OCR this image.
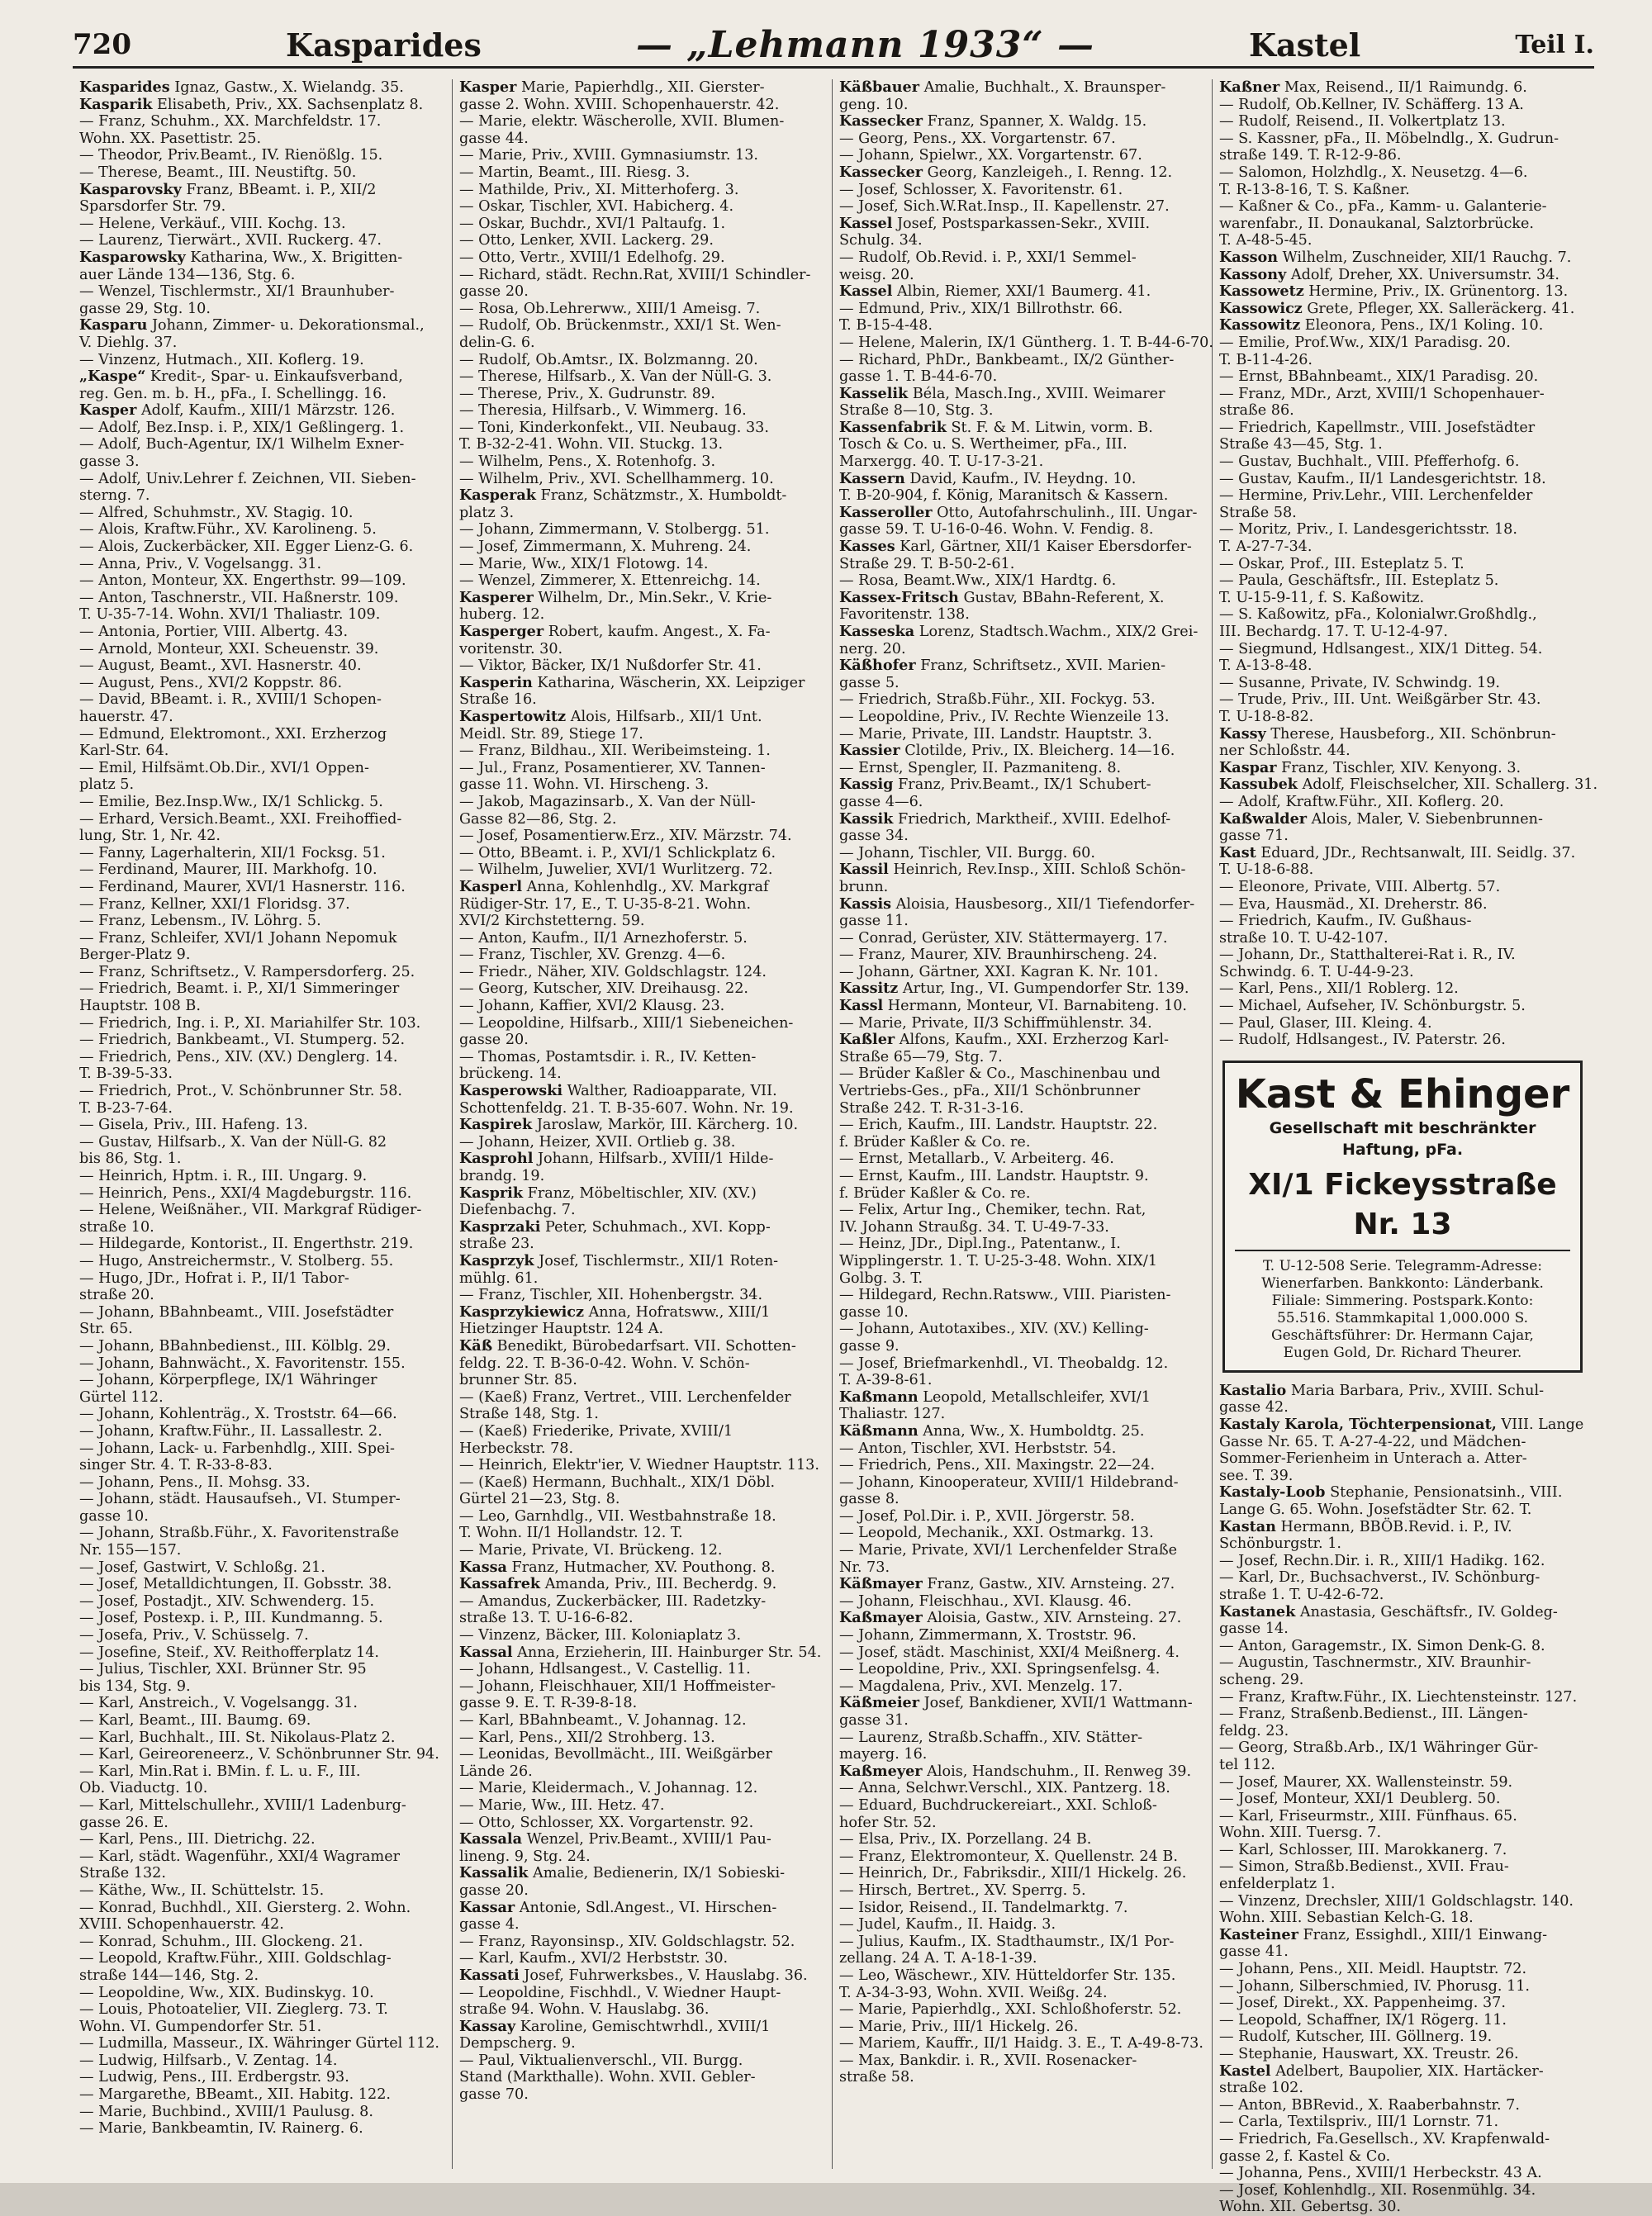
720	Kasparides	— „Lehmann 1933“ —	Kastel	Teil I.
Kasparides Ignaz, Gastw., X. Wielandg. 35.
Kasparik Elisabeth, Priv., XX. Sachsenplatz 8.
— Franz, Schuhm., XX. Marchfeldstr. 17.
Wohn. XX. Pasettistr. 25.
— Theodor, Priv.Beamt., IV. Rienößlg. 15.
— Therese, Beamt., III. Neustiftg. 50.
Kasparovsky Franz, BBeamt. i. P., XII/2
Sparsdorfer Str. 79.
— Helene, Verkäuf., VIII. Kochg. 13.
— Laurenz, Tierwärt., XVII. Ruckerg. 47.
Kasparowsky Katharina, Ww., X. Brigitten-
auer Lände 134—136, Stg. 6.
— Wenzel, Tischlermstr., XI/1 Braunhuber-
gasse 29, Stg. 10.
Kasparu Johann, Zimmer- u. Dekorationsmal.,
V. Diehlg. 37.
— Vinzenz, Hutmach., XII. Koflerg. 19.
„Kaspe“ Kredit-, Spar- u. Einkaufsverband,
reg. Gen. m. b. H., pFa., I. Schellingg. 16.
Kasper Adolf, Kaufm., XIII/1 Märzstr. 126.
— Adolf, Bez.Insp. i. P., XIX/1 Geßlingerg. 1.
— Adolf, Buch-Agentur, IX/1 Wilhelm Exner-
gasse 3.
— Adolf, Univ.Lehrer f. Zeichnen, VII. Sieben-
sterng. 7.
— Alfred, Schuhmstr., XV. Stagig. 10.
— Alois, Kraftw.Führ., XV. Karolineng. 5.
— Alois, Zuckerbäcker, XII. Egger Lienz-G. 6.
— Anna, Priv., V. Vogelsangg. 31.
— Anton, Monteur, XX. Engerthstr. 99—109.
— Anton, Taschnerstr., VII. Haßnerstr. 109.
T. U-35-7-14. Wohn. XVI/1 Thaliastr. 109.
— Antonia, Portier, VIII. Albertg. 43.
— Arnold, Monteur, XXI. Scheuenstr. 39.
— August, Beamt., XVI. Hasnerstr. 40.
— August, Pens., XVI/2 Koppstr. 86.
— David, BBeamt. i. R., XVIII/1 Schopen-
hauerstr. 47.
— Edmund, Elektromont., XXI. Erzherzog
Karl-Str. 64.
— Emil, Hilfsämt.Ob.Dir., XVI/1 Oppen-
platz 5.
— Emilie, Bez.Insp.Ww., IX/1 Schlickg. 5.
— Erhard, Versich.Beamt., XXI. Freihoffied-
lung, Str. 1, Nr. 42.
— Fanny, Lagerhalterin, XII/1 Focksg. 51.
— Ferdinand, Maurer, III. Markhofg. 10.
— Ferdinand, Maurer, XVI/1 Hasnerstr. 116.
— Franz, Kellner, XXI/1 Floridsg. 37.
— Franz, Lebensm., IV. Löhrg. 5.
— Franz, Schleifer, XVI/1 Johann Nepomuk
Berger-Platz 9.
— Franz, Schriftsetz., V. Rampersdorferg. 25.
— Friedrich, Beamt. i. P., XI/1 Simmeringer
Hauptstr. 108 B.
— Friedrich, Ing. i. P., XI. Mariahilfer Str. 103.
— Friedrich, Bankbeamt., VI. Stumperg. 52.
— Friedrich, Pens., XIV. (XV.) Denglerg. 14.
T. B-39-5-33.
— Friedrich, Prot., V. Schönbrunner Str. 58.
T. B-23-7-64.
— Gisela, Priv., III. Hafeng. 13.
— Gustav, Hilfsarb., X. Van der Nüll-G. 82
bis 86, Stg. 1.
— Heinrich, Hptm. i. R., III. Ungarg. 9.
— Heinrich, Pens., XXI/4 Magdeburgstr. 116.
— Helene, Weißnäher., VII. Markgraf Rüdiger-
straße 10.
— Hildegarde, Kontorist., II. Engerthstr. 219.
— Hugo, Anstreichermstr., V. Stolberg. 55.
— Hugo, JDr., Hofrat i. P., II/1 Tabor-
straße 20.
— Johann, BBahnbeamt., VIII. Josefstädter
Str. 65.
— Johann, BBahnbedienst., III. Kölblg. 29.
— Johann, Bahnwächt., X. Favoritenstr. 155.
— Johann, Körperpflege, IX/1 Währinger
Gürtel 112.
— Johann, Kohlenträg., X. Troststr. 64—66.
— Johann, Kraftw.Führ., II. Lassallestr. 2.
— Johann, Lack- u. Farbenhdlg., XIII. Spei-
singer Str. 4. T. R-33-8-83.
— Johann, Pens., II. Mohsg. 33.
— Johann, städt. Hausaufseh., VI. Stumper-
gasse 10.
— Johann, Straßb.Führ., X. Favoritenstraße
Nr. 155—157.
— Josef, Gastwirt, V. Schloßg. 21.
— Josef, Metalldichtungen, II. Gobsstr. 38.
— Josef, Postadjt., XIV. Schwenderg. 15.
— Josef, Postexp. i. P., III. Kundmanng. 5.
— Josefa, Priv., V. Schüsselg. 7.
— Josefine, Steif., XV. Reithofferplatz 14.
— Julius, Tischler, XXI. Brünner Str. 95
bis 134, Stg. 9.
— Karl, Anstreich., V. Vogelsangg. 31.
— Karl, Beamt., III. Baumg. 69.
— Karl, Buchhalt., III. St. Nikolaus-Platz 2.
— Karl, Geireoreneerz., V. Schönbrunner Str. 94.
— Karl, Min.Rat i. BMin. f. L. u. F., III.
Ob. Viaductg. 10.
— Karl, Mittelschullehr., XVIII/1 Ladenburg-
gasse 26. E.
— Karl, Pens., III. Dietrichg. 22.
— Karl, städt. Wagenführ., XXI/4 Wagramer
Straße 132.
— Käthe, Ww., II. Schüttelstr. 15.
— Konrad, Buchhdl., XII. Giersterg. 2. Wohn.
XVIII. Schopenhauerstr. 42.
— Konrad, Schuhm., III. Glockeng. 21.
— Leopold, Kraftw.Führ., XIII. Goldschlag-
straße 144—146, Stg. 2.
— Leopoldine, Ww., XIX. Budinskyg. 10.
— Louis, Photoatelier, VII. Zieglerg. 73. T.
Wohn. VI. Gumpendorfer Str. 51.
— Ludmilla, Masseur., IX. Währinger Gürtel 112.
— Ludwig, Hilfsarb., V. Zentag. 14.
— Ludwig, Pens., III. Erdbergstr. 93.
— Margarethe, BBeamt., XII. Habitg. 122.
— Marie, Buchbind., XVIII/1 Paulusg. 8.
— Marie, Bankbeamtin, IV. Rainerg. 6.
Kasper Marie, Papierhdlg., XII. Gierster-
gasse 2. Wohn. XVIII. Schopenhauerstr. 42.
— Marie, elektr. Wäscherolle, XVII. Blumen-
gasse 44.
— Marie, Priv., XVIII. Gymnasiumstr. 13.
— Martin, Beamt., III. Riesg. 3.
— Mathilde, Priv., XI. Mitterhoferg. 3.
— Oskar, Tischler, XVI. Habicherg. 4.
— Oskar, Buchdr., XVI/1 Paltaufg. 1.
— Otto, Lenker, XVII. Lackerg. 29.
— Otto, Vertr., XVIII/1 Edelhofg. 29.
— Richard, städt. Rechn.Rat, XVIII/1 Schindler-
gasse 20.
— Rosa, Ob.Lehrerww., XIII/1 Ameisg. 7.
— Rudolf, Ob. Brückenmstr., XXI/1 St. Wen-
delin-G. 6.
— Rudolf, Ob.Amtsr., IX. Bolzmanng. 20.
— Therese, Hilfsarb., X. Van der Nüll-G. 3.
— Therese, Priv., X. Gudrunstr. 89.
— Theresia, Hilfsarb., V. Wimmerg. 16.
— Toni, Kinderkonfekt., VII. Neubaug. 33.
T. B-32-2-41. Wohn. VII. Stuckg. 13.
— Wilhelm, Pens., X. Rotenhofg. 3.
— Wilhelm, Priv., XVI. Schellhammerg. 10.
Kasperak Franz, Schätzmstr., X. Humboldt-
platz 3.
— Johann, Zimmermann, V. Stolbergg. 51.
— Josef, Zimmermann, X. Muhreng. 24.
— Marie, Ww., XIX/1 Flotowg. 14.
— Wenzel, Zimmerer, X. Ettenreichg. 14.
Kasperer Wilhelm, Dr., Min.Sekr., V. Krie-
huberg. 12.
Kasperger Robert, kaufm. Angest., X. Fa-
voritenstr. 30.
— Viktor, Bäcker, IX/1 Nußdorfer Str. 41.
Kasperin Katharina, Wäscherin, XX. Leipziger
Straße 16.
Kaspertowitz Alois, Hilfsarb., XII/1 Unt.
Meidl. Str. 89, Stiege 17.
— Franz, Bildhau., XII. Weribeimsteing. 1.
— Jul., Franz, Posamentierer, XV. Tannen-
gasse 11. Wohn. VI. Hirscheng. 3.
— Jakob, Magazinsarb., X. Van der Nüll-
Gasse 82—86, Stg. 2.
— Josef, Posamentierw.Erz., XIV. Märzstr. 74.
— Otto, BBeamt. i. P., XVI/1 Schlickplatz 6.
— Wilhelm, Juwelier, XVI/1 Wurlitzerg. 72.
Kasperl Anna, Kohlenhdlg., XV. Markgraf
Rüdiger-Str. 17, E., T. U-35-8-21. Wohn.
XVI/2 Kirchstetterng. 59.
— Anton, Kaufm., II/1 Arnezhoferstr. 5.
— Franz, Tischler, XV. Grenzg. 4—6.
— Friedr., Näher, XIV. Goldschlagstr. 124.
— Georg, Kutscher, XIV. Dreihausg. 22.
— Johann, Kaffier, XVI/2 Klausg. 23.
— Leopoldine, Hilfsarb., XIII/1 Siebeneichen-
gasse 20.
— Thomas, Postamtsdir. i. R., IV. Ketten-
brückeng. 14.
Kasperowski Walther, Radioapparate, VII.
Schottenfeldg. 21. T. B-35-607. Wohn. Nr. 19.
Kaspirek Jaroslaw, Markör, III. Kärcherg. 10.
— Johann, Heizer, XVII. Ortlieb g. 38.
Kasprohl Johann, Hilfsarb., XVIII/1 Hilde-
brandg. 19.
Kasprik Franz, Möbeltischler, XIV. (XV.)
Diefenbachg. 7.
Kasprzaki Peter, Schuhmach., XVI. Kopp-
straße 23.
Kasprzyk Josef, Tischlermstr., XII/1 Roten-
mühlg. 61.
— Franz, Tischler, XII. Hohenbergstr. 34.
Kasprzykiewicz Anna, Hofratsww., XIII/1
Hietzinger Hauptstr. 124 A.
Käß Benedikt, Bürobedarfsart. VII. Schotten-
feldg. 22. T. B-36-0-42. Wohn. V. Schön-
brunner Str. 85.
— (Kaeß) Franz, Vertret., VIII. Lerchenfelder
Straße 148, Stg. 1.
— (Kaeß) Friederike, Private, XVIII/1
Herbeckstr. 78.
— Heinrich, Elektr'ier, V. Wiedner Hauptstr. 113.
— (Kaeß) Hermann, Buchhalt., XIX/1 Döbl.
Gürtel 21—23, Stg. 8.
— Leo, Garnhdlg., VII. Westbahnstraße 18.
T. Wohn. II/1 Hollandstr. 12. T.
— Marie, Private, VI. Brückeng. 12.
Kassa Franz, Hutmacher, XV. Pouthong. 8.
Kassafrek Amanda, Priv., III. Becherdg. 9.
— Amandus, Zuckerbäcker, III. Radetzky-
straße 13. T. U-16-6-82.
— Vinzenz, Bäcker, III. Koloniaplatz 3.
Kassal Anna, Erzieherin, III. Hainburger Str. 54.
— Johann, Hdlsangest., V. Castellig. 11.
— Johann, Fleischhauer, XII/1 Hoffmeister-
gasse 9. E. T. R-39-8-18.
— Karl, BBahnbeamt., V. Johannag. 12.
— Karl, Pens., XII/2 Strohberg. 13.
— Leonidas, Bevollmächt., III. Weißgärber
Lände 26.
— Marie, Kleidermach., V. Johannag. 12.
— Marie, Ww., III. Hetz. 47.
— Otto, Schlosser, XX. Vorgartenstr. 92.
Kassala Wenzel, Priv.Beamt., XVIII/1 Pau-
lineng. 9, Stg. 24.
Kassalik Amalie, Bedienerin, IX/1 Sobieski-
gasse 20.
Kassar Antonie, Sdl.Angest., VI. Hirschen-
gasse 4.
— Franz, Rayonsinsp., XIV. Goldschlagstr. 52.
— Karl, Kaufm., XVI/2 Herbststr. 30.
Kassati Josef, Fuhrwerksbes., V. Hauslabg. 36.
— Leopoldine, Fischhdl., V. Wiedner Haupt-
straße 94. Wohn. V. Hauslabg. 36.
Kassay Karoline, Gemischtwrhdl., XVIII/1
Dempscherg. 9.
— Paul, Viktualienverschl., VII. Burgg.
Stand (Markthalle). Wohn. XVII. Gebler-
gasse 70.
Käßbauer Amalie, Buchhalt., X. Braunsper-
geng. 10.
Kassecker Franz, Spanner, X. Waldg. 15.
— Georg, Pens., XX. Vorgartenstr. 67.
— Johann, Spielwr., XX. Vorgartenstr. 67.
Kassecker Georg, Kanzleigeh., I. Renng. 12.
— Josef, Schlosser, X. Favoritenstr. 61.
— Josef, Sich.W.Rat.Insp., II. Kapellenstr. 27.
Kassel Josef, Postsparkassen-Sekr., XVIII.
Schulg. 34.
— Rudolf, Ob.Revid. i. P., XXI/1 Semmel-
weisg. 20.
Kassel Albin, Riemer, XXI/1 Baumerg. 41.
— Edmund, Priv., XIX/1 Billrothstr. 66.
T. B-15-4-48.
— Helene, Malerin, IX/1 Güntherg. 1. T. B-44-6-70.
— Richard, PhDr., Bankbeamt., IX/2 Günther-
gasse 1. T. B-44-6-70.
Kasselik Béla, Masch.Ing., XVIII. Weimarer
Straße 8—10, Stg. 3.
Kassenfabrik St. F. & M. Litwin, vorm. B.
Tosch & Co. u. S. Wertheimer, pFa., III.
Marxergg. 40. T. U-17-3-21.
Kassern David, Kaufm., IV. Heydng. 10.
T. B-20-904, f. König, Maranitsch & Kassern.
Kasseroller Otto, Autofahrschulinh., III. Ungar-
gasse 59. T. U-16-0-46. Wohn. V. Fendig. 8.
Kasses Karl, Gärtner, XII/1 Kaiser Ebersdorfer-
Straße 29. T. B-50-2-61.
— Rosa, Beamt.Ww., XIX/1 Hardtg. 6.
Kassex-Fritsch Gustav, BBahn-Referent, X.
Favoritenstr. 138.
Kasseska Lorenz, Stadtsch.Wachm., XIX/2 Grei-
nerg. 20.
Käßhofer Franz, Schriftsetz., XVII. Marien-
gasse 5.
— Friedrich, Straßb.Führ., XII. Fockyg. 53.
— Leopoldine, Priv., IV. Rechte Wienzeile 13.
— Marie, Private, III. Landstr. Hauptstr. 3.
Kassier Clotilde, Priv., IX. Bleicherg. 14—16.
— Ernst, Spengler, II. Pazmaniteng. 8.
Kassig Franz, Priv.Beamt., IX/1 Schubert-
gasse 4—6.
Kassik Friedrich, Marktheif., XVIII. Edelhof-
gasse 34.
— Johann, Tischler, VII. Burgg. 60.
Kassil Heinrich, Rev.Insp., XIII. Schloß Schön-
brunn.
Kassis Aloisia, Hausbesorg., XII/1 Tiefendorfer-
gasse 11.
— Conrad, Gerüster, XIV. Stättermayerg. 17.
— Franz, Maurer, XIV. Braunhirscheng. 24.
— Johann, Gärtner, XXI. Kagran K. Nr. 101.
Kassitz Artur, Ing., VI. Gumpendorfer Str. 139.
Kassl Hermann, Monteur, VI. Barnabiteng. 10.
— Marie, Private, II/3 Schiffmühlenstr. 34.
Kaßler Alfons, Kaufm., XXI. Erzherzog Karl-
Straße 65—79, Stg. 7.
— Brüder Kaßler & Co., Maschinenbau und
Vertriebs-Ges., pFa., XII/1 Schönbrunner
Straße 242. T. R-31-3-16.
— Erich, Kaufm., III. Landstr. Hauptstr. 22.
f. Brüder Kaßler & Co. re.
— Ernst, Metallarb., V. Arbeiterg. 46.
— Ernst, Kaufm., III. Landstr. Hauptstr. 9.
f. Brüder Kaßler & Co. re.
— Felix, Artur Ing., Chemiker, techn. Rat,
IV. Johann Straußg. 34. T. U-49-7-33.
— Heinz, JDr., Dipl.Ing., Patentanw., I.
Wipplingerstr. 1. T. U-25-3-48. Wohn. XIX/1
Golbg. 3. T.
— Hildegard, Rechn.Ratsww., VIII. Piaristen-
gasse 10.
— Johann, Autotaxibes., XIV. (XV.) Kelling-
gasse 9.
— Josef, Briefmarkenhdl., VI. Theobaldg. 12.
T. A-39-8-61.
Kaßmann Leopold, Metallschleifer, XVI/1
Thaliastr. 127.
Käßmann Anna, Ww., X. Humboldtg. 25.
— Anton, Tischler, XVI. Herbststr. 54.
— Friedrich, Pens., XII. Maxingstr. 22—24.
— Johann, Kinooperateur, XVIII/1 Hildebrand-
gasse 8.
— Josef, Pol.Dir. i. P., XVII. Jörgerstr. 58.
— Leopold, Mechanik., XXI. Ostmarkg. 13.
— Marie, Private, XVI/1 Lerchenfelder Straße
Nr. 73.
Käßmayer Franz, Gastw., XIV. Arnsteing. 27.
— Johann, Fleischhau., XVI. Klausg. 46.
Kaßmayer Aloisia, Gastw., XIV. Arnsteing. 27.
— Johann, Zimmermann, X. Troststr. 96.
— Josef, städt. Maschinist, XXI/4 Meißnerg. 4.
— Leopoldine, Priv., XXI. Springsenfelsg. 4.
— Magdalena, Priv., XVI. Menzelg. 17.
Käßmeier Josef, Bankdiener, XVII/1 Wattmann-
gasse 31.
— Laurenz, Straßb.Schaffn., XIV. Stätter-
mayerg. 16.
Kaßmeyer Alois, Handschuhm., II. Renweg 39.
— Anna, Selchwr.Verschl., XIX. Pantzerg. 18.
— Eduard, Buchdruckereiart., XXI. Schloß-
hofer Str. 52.
— Elsa, Priv., IX. Porzellang. 24 B.
— Franz, Elektromonteur, X. Quellenstr. 24 B.
— Heinrich, Dr., Fabriksdir., XIII/1 Hickelg. 26.
— Hirsch, Bertret., XV. Sperrg. 5.
— Isidor, Reisend., II. Tandelmarktg. 7.
— Judel, Kaufm., II. Haidg. 3.
— Julius, Kaufm., IX. Stadthaumstr., IX/1 Por-
zellang. 24 A. T. A-18-1-39.
— Leo, Wäschewr., XIV. Hütteldorfer Str. 135.
T. A-34-3-93, Wohn. XVII. Weißg. 24.
— Marie, Papierhdlg., XXI. Schloßhoferstr. 52.
— Marie, Priv., III/1 Hickelg. 26.
— Mariem, Kauffr., II/1 Haidg. 3. E., T. A-49-8-73.
— Max, Bankdir. i. R., XVII. Rosenacker-
straße 58.
Kaßner Max, Reisend., II/1 Raimundg. 6.
— Rudolf, Ob.Kellner, IV. Schäfferg. 13 A.
— Rudolf, Reisend., II. Volkertplatz 13.
— S. Kassner, pFa., II. Möbelndlg., X. Gudrun-
straße 149. T. R-12-9-86.
— Salomon, Holzhdlg., X. Neusetzg. 4—6.
T. R-13-8-16, T. S. Kaßner.
— Kaßner & Co., pFa., Kamm- u. Galanterie-
warenfabr., II. Donaukanal, Salztorbrücke.
T. A-48-5-45.
Kasson Wilhelm, Zuschneider, XII/1 Rauchg. 7.
Kassony Adolf, Dreher, XX. Universumstr. 34.
Kassowetz Hermine, Priv., IX. Grünentorg. 13.
Kassowicz Grete, Pfleger, XX. Salleräckerg. 41.
Kassowitz Eleonora, Pens., IX/1 Koling. 10.
— Emilie, Prof.Ww., XIX/1 Paradisg. 20.
T. B-11-4-26.
— Ernst, BBahnbeamt., XIX/1 Paradisg. 20.
— Franz, MDr., Arzt, XVIII/1 Schopenhauer-
straße 86.
— Friedrich, Kapellmstr., VIII. Josefstädter
Straße 43—45, Stg. 1.
— Gustav, Buchhalt., VIII. Pfefferhofg. 6.
— Gustav, Kaufm., II/1 Landesgerichtstr. 18.
— Hermine, Priv.Lehr., VIII. Lerchenfelder
Straße 58.
— Moritz, Priv., I. Landesgerichtsstr. 18.
T. A-27-7-34.
— Oskar, Prof., III. Esteplatz 5. T.
— Paula, Geschäftsfr., III. Esteplatz 5.
T. U-15-9-11, f. S. Kaßowitz.
— S. Kaßowitz, pFa., Kolonialwr.Großhdlg.,
III. Bechardg. 17. T. U-12-4-97.
— Siegmund, Hdlsangest., XIX/1 Ditteg. 54.
T. A-13-8-48.
— Susanne, Private, IV. Schwindg. 19.
— Trude, Priv., III. Unt. Weißgärber Str. 43.
T. U-18-8-82.
Kassy Therese, Hausbeforg., XII. Schönbrun-
ner Schloßstr. 44.
Kaspar Franz, Tischler, XIV. Kenyong. 3.
Kassubek Adolf, Fleischselcher, XII. Schallerg. 31.
— Adolf, Kraftw.Führ., XII. Koflerg. 20.
Kaßwalder Alois, Maler, V. Siebenbrunnen-
gasse 71.
Kast Eduard, JDr., Rechtsanwalt, III. Seidlg. 37.
T. U-18-6-88.
— Eleonore, Private, VIII. Albertg. 57.
— Eva, Hausmäd., XI. Dreherstr. 86.
— Friedrich, Kaufm., IV. Gußhaus-
straße 10. T. U-42-107.
— Johann, Dr., Statthalterei-Rat i. R., IV.
Schwindg. 6. T. U-44-9-23.
— Karl, Pens., XII/1 Roblerg. 12.
— Michael, Aufseher, IV. Schönburgstr. 5.
— Paul, Glaser, III. Kleing. 4.
— Rudolf, Hdlsangest., IV. Paterstr. 26.
Kast & Ehinger
Gesellschaft mit beschränkter Haftung, pFa.
XI/1 Fickeysstraße Nr. 13
T. U-12-508 Serie. Telegramm-Adresse:
Wienerfarben. Bankkonto: Länderbank.
Filiale: Simmering. Postspark.Konto:
55.516. Stammkapital 1,000.000 S.
Geschäftsführer: Dr. Hermann Cajar,
Eugen Gold, Dr. Richard Theurer.
Kastalio Maria Barbara, Priv., XVIII. Schul-
gasse 42.
Kastaly Karola, Töchterpensionat, VIII. Lange
Gasse Nr. 65. T. A-27-4-22, und Mädchen-
Sommer-Ferienheim in Unterach a. Atter-
see. T. 39.
Kastaly-Loob Stephanie, Pensionatsinh., VIII.
Lange G. 65. Wohn. Josefstädter Str. 62. T.
Kastan Hermann, BBÖB.Revid. i. P., IV.
Schönburgstr. 1.
— Josef, Rechn.Dir. i. R., XIII/1 Hadikg. 162.
— Karl, Dr., Buchsachverst., IV. Schönburg-
straße 1. T. U-42-6-72.
Kastanek Anastasia, Geschäftsfr., IV. Goldeg-
gasse 14.
— Anton, Garagemstr., IX. Simon Denk-G. 8.
— Augustin, Taschnermstr., XIV. Braunhir-
scheng. 29.
— Franz, Kraftw.Führ., IX. Liechtensteinstr. 127.
— Franz, Straßenb.Bedienst., III. Längen-
feldg. 23.
— Georg, Straßb.Arb., IX/1 Währinger Gür-
tel 112.
— Josef, Maurer, XX. Wallensteinstr. 59.
— Josef, Monteur, XXI/1 Deublerg. 50.
— Karl, Friseurmstr., XIII. Fünfhaus. 65.
Wohn. XIII. Tuersg. 7.
— Karl, Schlosser, III. Marokkanerg. 7.
— Simon, Straßb.Bedienst., XVII. Frau-
enfelderplatz 1.
— Vinzenz, Drechsler, XIII/1 Goldschlagstr. 140.
Wohn. XIII. Sebastian Kelch-G. 18.
Kasteiner Franz, Essighdl., XIII/1 Einwang-
gasse 41.
— Johann, Pens., XII. Meidl. Hauptstr. 72.
— Johann, Silberschmied, IV. Phorusg. 11.
— Josef, Direkt., XX. Pappenheimg. 37.
— Leopold, Schaffner, IX/1 Rögerg. 11.
— Rudolf, Kutscher, III. Göllnerg. 19.
— Stephanie, Hauswart, XX. Treustr. 26.
Kastel Adelbert, Baupolier, XIX. Hartäcker-
straße 102.
— Anton, BBRevid., X. Raaberbahnstr. 7.
— Carla, Textilspriv., III/1 Lornstr. 71.
— Friedrich, Fa.Gesellsch., XV. Krapfenwald-
gasse 2, f. Kastel & Co.
— Johanna, Pens., XVIII/1 Herbeckstr. 43 A.
— Josef, Kohlenhdlg., XII. Rosenmühlg. 34.
Wohn. XII. Gebertsg. 30.
